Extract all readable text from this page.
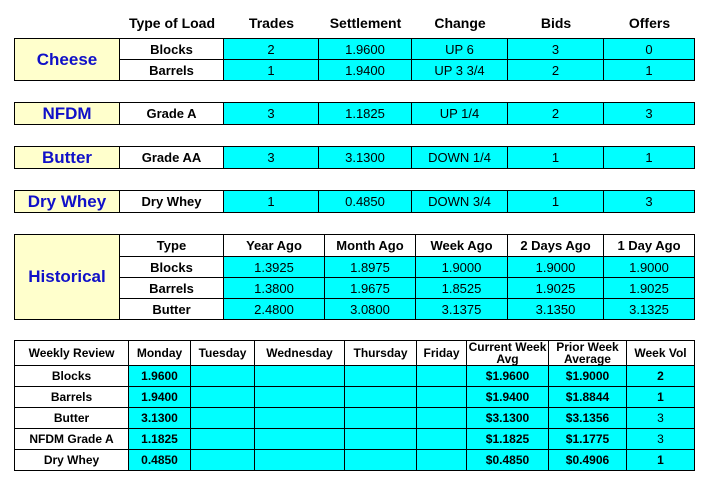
Type of Load	Trades	Settlement	Change	Bids	Offers
Cheese	Blocks	2	1.9600	UP 6	3	0
	Barrels	1	1.9400	UP 3 3/4	2	1
NFDM	Grade A	3	1.1825	UP 1/4	2	3
Butter	Grade AA	3	3.1300	DOWN 1/4	1	1
Dry Whey	Dry Whey	1	0.4850	DOWN 3/4	1	3
Historical	Type	Year Ago	Month Ago	Week Ago	2 Days Ago	1 Day Ago
	Blocks	1.3925	1.8975	1.9000	1.9000	1.9000
	Barrels	1.3800	1.9675	1.8525	1.9025	1.9025
	Butter	2.4800	3.0800	3.1375	3.1350	3.1325
Weekly Review	Monday	Tuesday	Wednesday	Thursday	Friday	Current Week Avg	Prior Week Average	Week Vol
Blocks	1.9600					$1.9600	$1.9000	2
Barrels	1.9400					$1.9400	$1.8844	1
Butter	3.1300					$3.1300	$3.1356	3
NFDM Grade A	1.1825					$1.1825	$1.1775	3
Dry Whey	0.4850					$0.4850	$0.4906	1
